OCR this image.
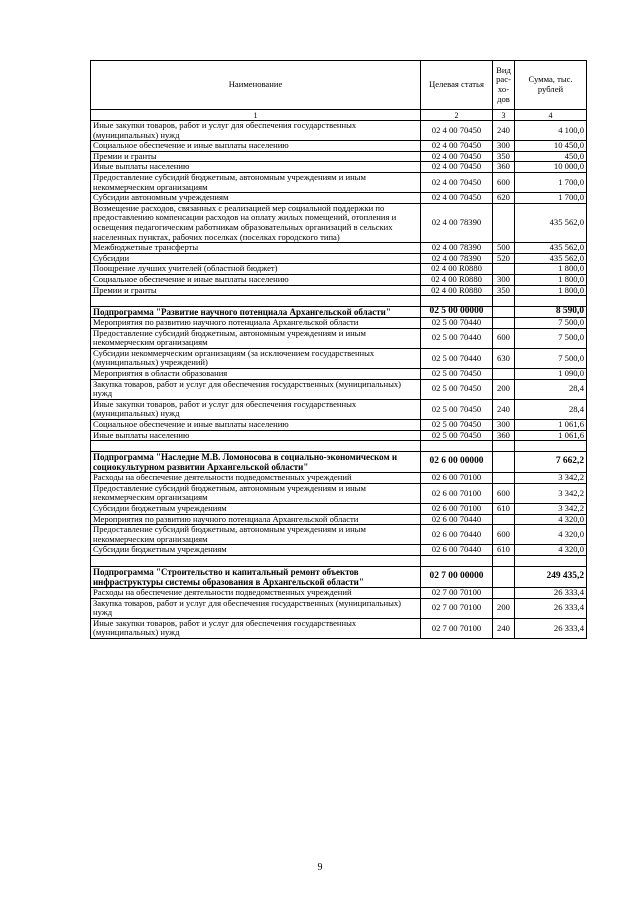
Наименование	Целевая статья	Вид рас- хо- дов	Сумма, тыс. рублей
1	2	3	4
Иные закупки товаров, работ и услуг для обеспечения государственных (муниципальных) нужд	02 4 00 70450	240	4 100,0
Социальное обеспечение и иные выплаты населению	02 4 00 70450	300	10 450,0
Премии и гранты	02 4 00 70450	350	450,0
Иные выплаты населению	02 4 00 70450	360	10 000,0
Предоставление субсидий бюджетным, автономным учреждениям и иным некоммерческим организациям	02 4 00 70450	600	1 700,0
Субсидии автономным учреждениям	02 4 00 70450	620	1 700,0
Возмещение расходов, связанных с реализацией мер социальной поддержки по предоставлению компенсации расходов на оплату жилых помещений, отопления и освещения педагогическим работникам образовательных организаций в сельских населенных пунктах, рабочих поселках (поселках городского типа)	02 4 00 78390		435 562,0
Межбюджетные трансферты	02 4 00 78390	500	435 562,0
Субсидии	02 4 00 78390	520	435 562,0
Поощрение лучших учителей (областной бюджет)	02 4 00 R0880		1 800,0
Социальное обеспечение и иные выплаты населению	02 4 00 R0880	300	1 800,0
Премии и гранты	02 4 00 R0880	350	1 800,0

Подпрограмма "Развитие научного потенциала Архангельской области"	02 5 00 00000		8 590,0
Мероприятия по развитию научного потенциала Архангельской области	02 5 00 70440		7 500,0
Предоставление субсидий бюджетным, автономным учреждениям и иным некоммерческим организациям	02 5 00 70440	600	7 500,0
Субсидии некоммерческим организациям (за исключением государственных (муниципальных) учреждений)	02 5 00 70440	630	7 500,0
Мероприятия в области образования	02 5 00 70450		1 090,0
Закупка товаров, работ и услуг для обеспечения государственных (муниципальных) нужд	02 5 00 70450	200	28,4
Иные закупки товаров, работ и услуг для обеспечения государственных (муниципальных) нужд	02 5 00 70450	240	28,4
Социальное обеспечение и иные выплаты населению	02 5 00 70450	300	1 061,6
Иные выплаты населению	02 5 00 70450	360	1 061,6

Подпрограмма "Наследие М.В. Ломоносова в социально-экономическом и социокультурном развитии Архангельской области"	02 6 00 00000		7 662,2
Расходы на обеспечение деятельности подведомственных учреждений	02 6 00 70100		3 342,2
Предоставление субсидий бюджетным, автономным учреждениям и иным некоммерческим организациям	02 6 00 70100	600	3 342,2
Субсидии бюджетным учреждениям	02 6 00 70100	610	3 342,2
Мероприятия по развитию научного потенциала Архангельской области	02 6 00 70440		4 320,0
Предоставление субсидий бюджетным, автономным учреждениям и иным некоммерческим организациям	02 6 00 70440	600	4 320,0
Субсидии бюджетным учреждениям	02 6 00 70440	610	4 320,0

Подпрограмма "Строительство и капитальный ремонт объектов инфраструктуры системы образования в Архангельской области"	02 7 00 00000		249 435,2
Расходы на обеспечение деятельности подведомственных учреждений	02 7 00 70100		26 333,4
Закупка товаров, работ и услуг для обеспечения государственных (муниципальных) нужд	02 7 00 70100	200	26 333,4
Иные закупки товаров, работ и услуг для обеспечения государственных (муниципальных) нужд	02 7 00 70100	240	26 333,4
9
